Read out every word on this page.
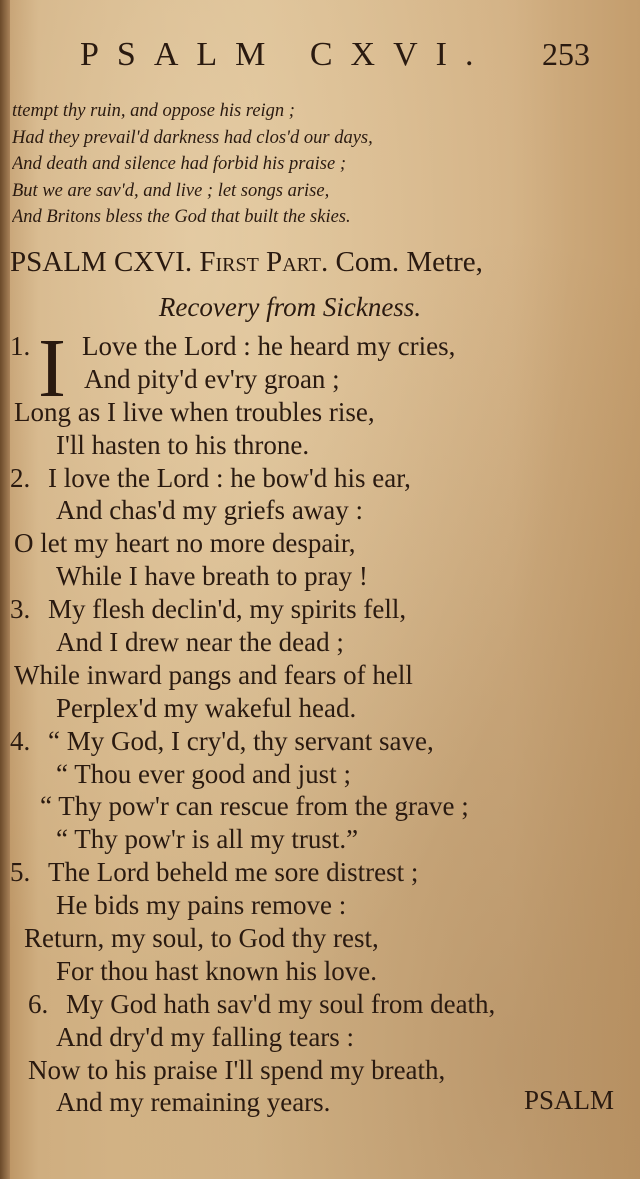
PSALM CXVI. 253
ttempt thy ruin, and oppose his reign ;
Had they prevail'd darkness had clos'd our days,
And death and silence had forbid his praise ;
But we are sav'd, and live ; let songs arise,
And Britons bless the God that built the skies.
PSALM CXVI. First Part. Com. Metre,
Recovery from Sickness.
1. I Love the Lord : he heard my cries,
And pity'd ev'ry groan ;
Long as I live when troubles rise,
I'll hasten to his throne.
2. I love the Lord : he bow'd his ear,
And chas'd my griefs away :
O let my heart no more despair,
While I have breath to pray !
3. My flesh declin'd, my spirits fell,
And I drew near the dead ;
While inward pangs and fears of hell
Perplex'd my wakeful head.
4. “ My God, I cry'd, thy servant save,
“ Thou ever good and just ;
“ Thy pow'r can rescue from the grave ;
“ Thy pow'r is all my trust.”
5. The Lord beheld me sore distrest ;
He bids my pains remove :
Return, my soul, to God thy rest,
For thou hast known his love.
6. My God hath sav'd my soul from death,
And dry'd my falling tears :
Now to his praise I'll spend my breath,
And my remaining years.	PSALM
